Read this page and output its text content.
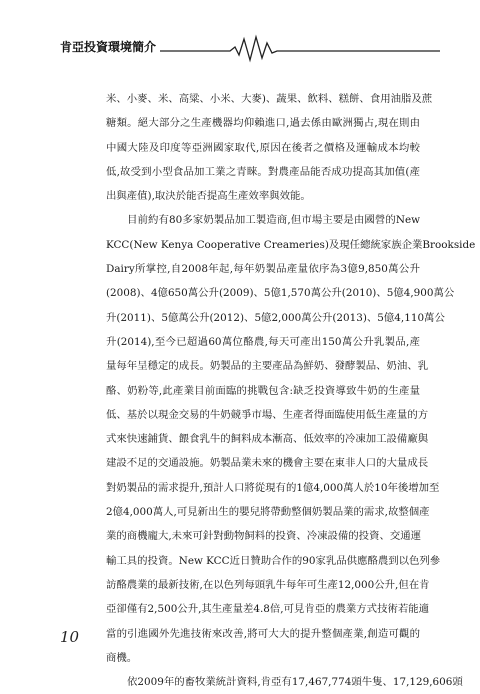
肯亞投資環境簡介
米、小麥、米、高粱、小米、大麥)、蔬果、飲料、糕餅、食用油脂及蔗
糖類。絕大部分之生產機器均仰賴進口,過去係由歐洲獨占,現在則由
中國大陸及印度等亞洲國家取代,原因在後者之價格及運輸成本均較
低,故受到小型食品加工業之青睞。對農產品能否成功提高其加值(產
出與產值),取決於能否提高生產效率與效能。
目前約有80多家奶製品加工製造商,但市場主要是由國營的New
KCC(New Kenya Cooperative Creameries)及現任總統家族企業Brookside
Dairy所掌控,自2008年起,每年奶製品產量依序為3億9,850萬公升
(2008)、4億650萬公升(2009)、5億1,570萬公升(2010)、5億4,900萬公
升(2011)、5億萬公升(2012)、5億2,000萬公升(2013)、5億4,110萬公
升(2014),至今已超過60萬位酪農,每天可產出150萬公升乳製品,產
量每年呈穩定的成長。奶製品的主要產品為鮮奶、發酵製品、奶油、乳
酪、奶粉等,此產業目前面臨的挑戰包含:缺乏投資導致牛奶的生產量
低、基於以現金交易的牛奶競爭市場、生產者得面臨使用低生產量的方
式來快速鋪貨、餵食乳牛的飼料成本漸高、低效率的冷凍加工設備廠與
建設不足的交通設施。奶製品業未來的機會主要在東非人口的大量成長
對奶製品的需求提升,預計人口將從現有的1億4,000萬人於10年後增加至
2億4,000萬人,可見新出生的嬰兒將帶動整個奶製品業的需求,故整個產
業的商機龐大,未來可針對動物飼料的投資、冷凍設備的投資、交通運
輸工具的投資。New KCC近日贊助合作的90家乳品供應酪農到以色列參
訪酪農業的最新技術,在以色列每頭乳牛每年可生產12,000公升,但在肯
亞卻僅有2,500公升,其生產量差4.8倍,可見肯亞的農業方式技術若能適
當的引進國外先進技術來改善,將可大大的提升整個產業,創造可觀的
商機。
依2009年的畜牧業統計資料,肯亞有17,467,774頭牛隻、17,129,606頭
10
